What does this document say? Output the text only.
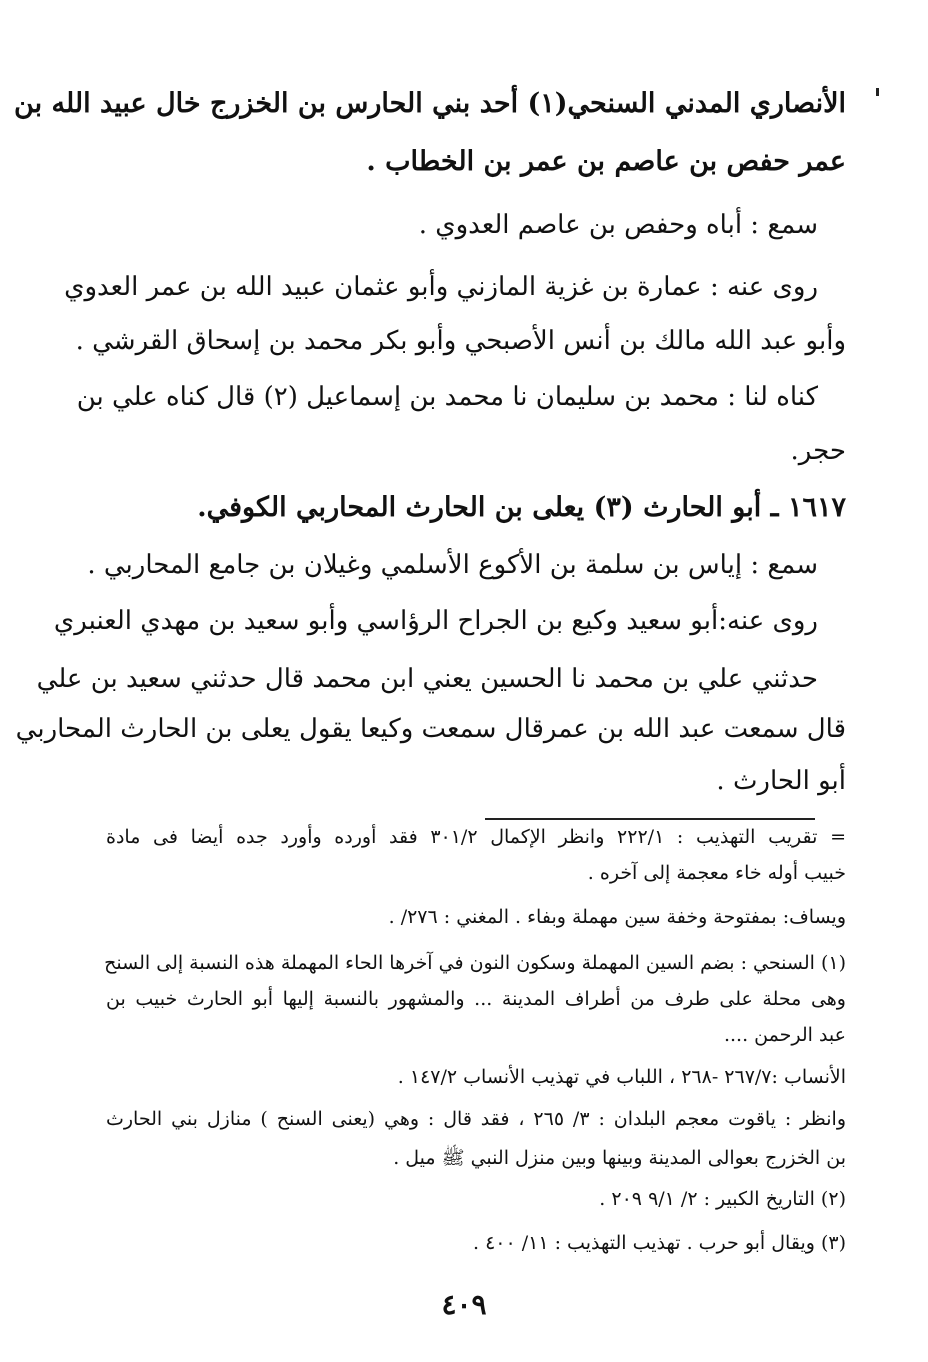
الأنصاري المدني السنحي(١) أحد بني الحارس بن الخزرج خال عبيد الله بن
عمر حفص بن عاصم بن عمر بن الخطاب .
سمع : أباه وحفص بن عاصم العدوي .
روى عنه : عمارة بن غزية المازني وأبو عثمان عبيد الله بن عمر العدوي
وأبو عبد الله مالك بن أنس الأصبحي وأبو بكر محمد بن إسحاق القرشي .
كناه لنا : محمد بن سليمان نا محمد بن إسماعيل (٢) قال كناه علي بن
حجر.
١٦١٧ ـ أبو الحارث (٣) يعلى بن الحارث المحاربي الكوفي.
سمع : إياس بن سلمة بن الأكوع الأسلمي وغيلان بن جامع المحاربي .
روى عنه:أبو سعيد وكيع بن الجراح الرؤاسي وأبو سعيد بن مهدي العنبري
حدثني علي بن محمد نا الحسين يعني ابن محمد قال حدثني سعيد بن علي
قال سمعت عبد الله بن عمرقال سمعت وكيعا يقول يعلى بن الحارث المحاربي
أبو الحارث .
= تقريب التهذيب : ٢٢٢/١ وانظر الإكمال ٣٠١/٢ فقد أورده وأورد جده أيضا فى مادة
خبيب أوله خاء معجمة إلى آخره .
ويساف: بمفتوحة وخفة سين مهملة وبفاء . المغني : ٢٧٦/ .
(١) السنحي : بضم السين المهملة وسكون النون في آخرها الحاء المهملة هذه النسبة إلى السنح
وهى محلة على طرف من أطراف المدينة ... والمشهور بالنسبة إليها أبو الحارث خبيب بن
عبد الرحمن ....
الأنساب :٢٦٧/٧ -٢٦٨ ، اللباب في تهذيب الأنساب ١٤٧/٢ .
وانظر : ياقوت معجم البلدان : ٣/ ٢٦٥ ، فقد قال : وهي (يعنى السنح ) منازل بني الحارث
بن الخزرج بعوالى المدينة وبينها وبين منزل النبي ﷺ ميل .
(٢) التاريخ الكبير : ٢/ ٩/١ ٢٠٩ .
(٣) ويقال أبو حرب . تهذيب التهذيب : ١١/ ٤٠٠ .
٤٠٩
